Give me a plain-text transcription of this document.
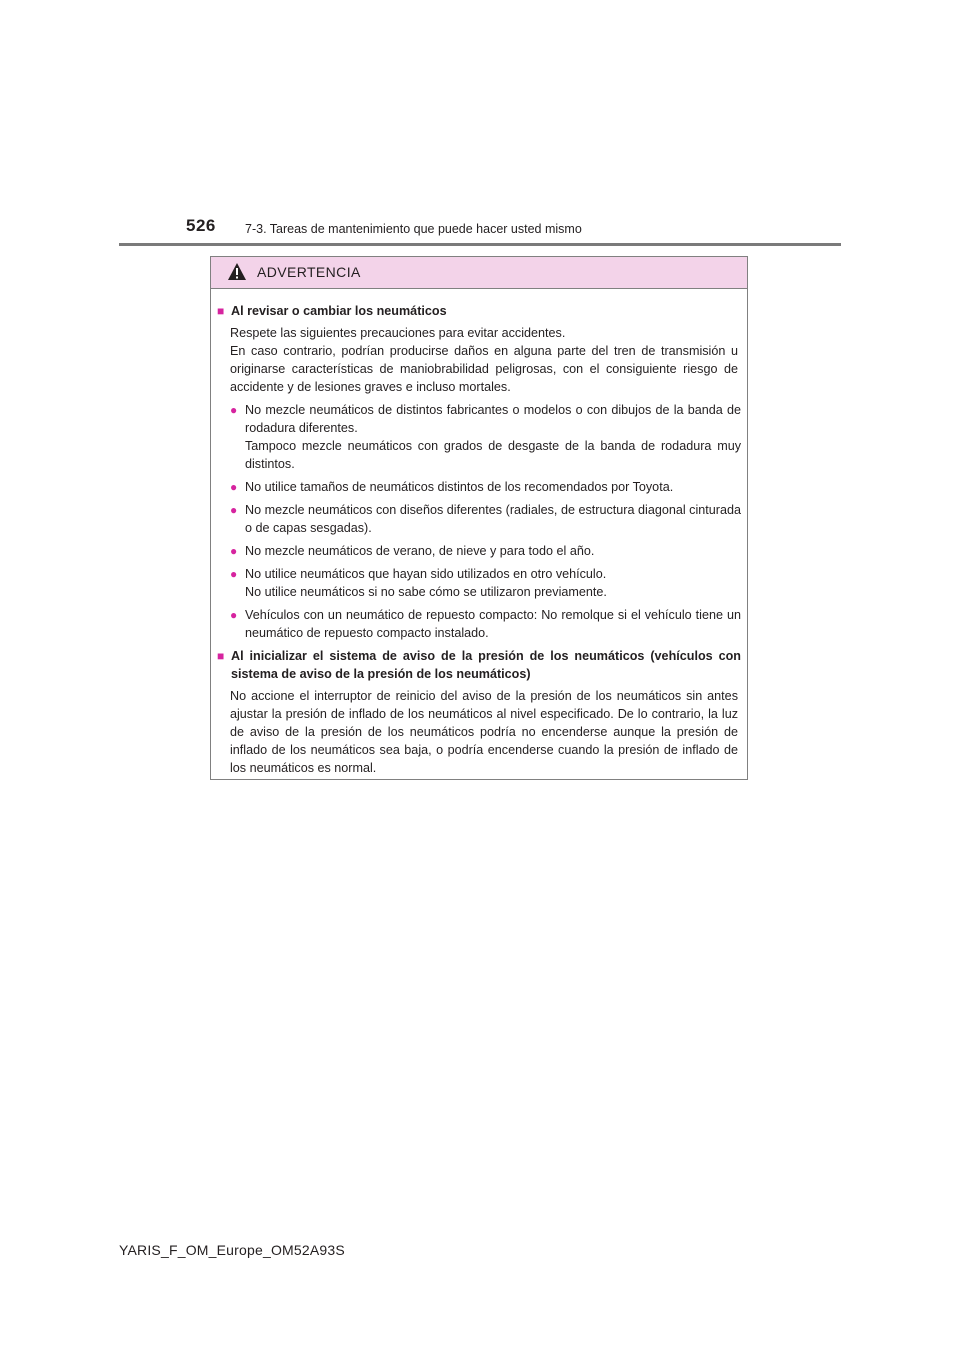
526 7-3. Tareas de mantenimiento que puede hacer usted mismo
ADVERTENCIA
■ Al revisar o cambiar los neumáticos
Respete las siguientes precauciones para evitar accidentes.
En caso contrario, podrían producirse daños en alguna parte del tren de transmisión u originarse características de maniobrabilidad peligrosas, con el consiguiente riesgo de accidente y de lesiones graves e incluso mortales.
● No mezcle neumáticos de distintos fabricantes o modelos o con dibujos de la banda de rodadura diferentes.
Tampoco mezcle neumáticos con grados de desgaste de la banda de rodadura muy distintos.
● No utilice tamaños de neumáticos distintos de los recomendados por Toyota.
● No mezcle neumáticos con diseños diferentes (radiales, de estructura diagonal cinturada o de capas sesgadas).
● No mezcle neumáticos de verano, de nieve y para todo el año.
● No utilice neumáticos que hayan sido utilizados en otro vehículo.
No utilice neumáticos si no sabe cómo se utilizaron previamente.
● Vehículos con un neumático de repuesto compacto: No remolque si el vehículo tiene un neumático de repuesto compacto instalado.
■ Al inicializar el sistema de aviso de la presión de los neumáticos (vehículos con sistema de aviso de la presión de los neumáticos)
No accione el interruptor de reinicio del aviso de la presión de los neumáticos sin antes ajustar la presión de inflado de los neumáticos al nivel especificado. De lo contrario, la luz de aviso de la presión de los neumáticos podría no encenderse aunque la presión de inflado de los neumáticos sea baja, o podría encenderse cuando la presión de inflado de los neumáticos es normal.
YARIS_F_OM_Europe_OM52A93S
